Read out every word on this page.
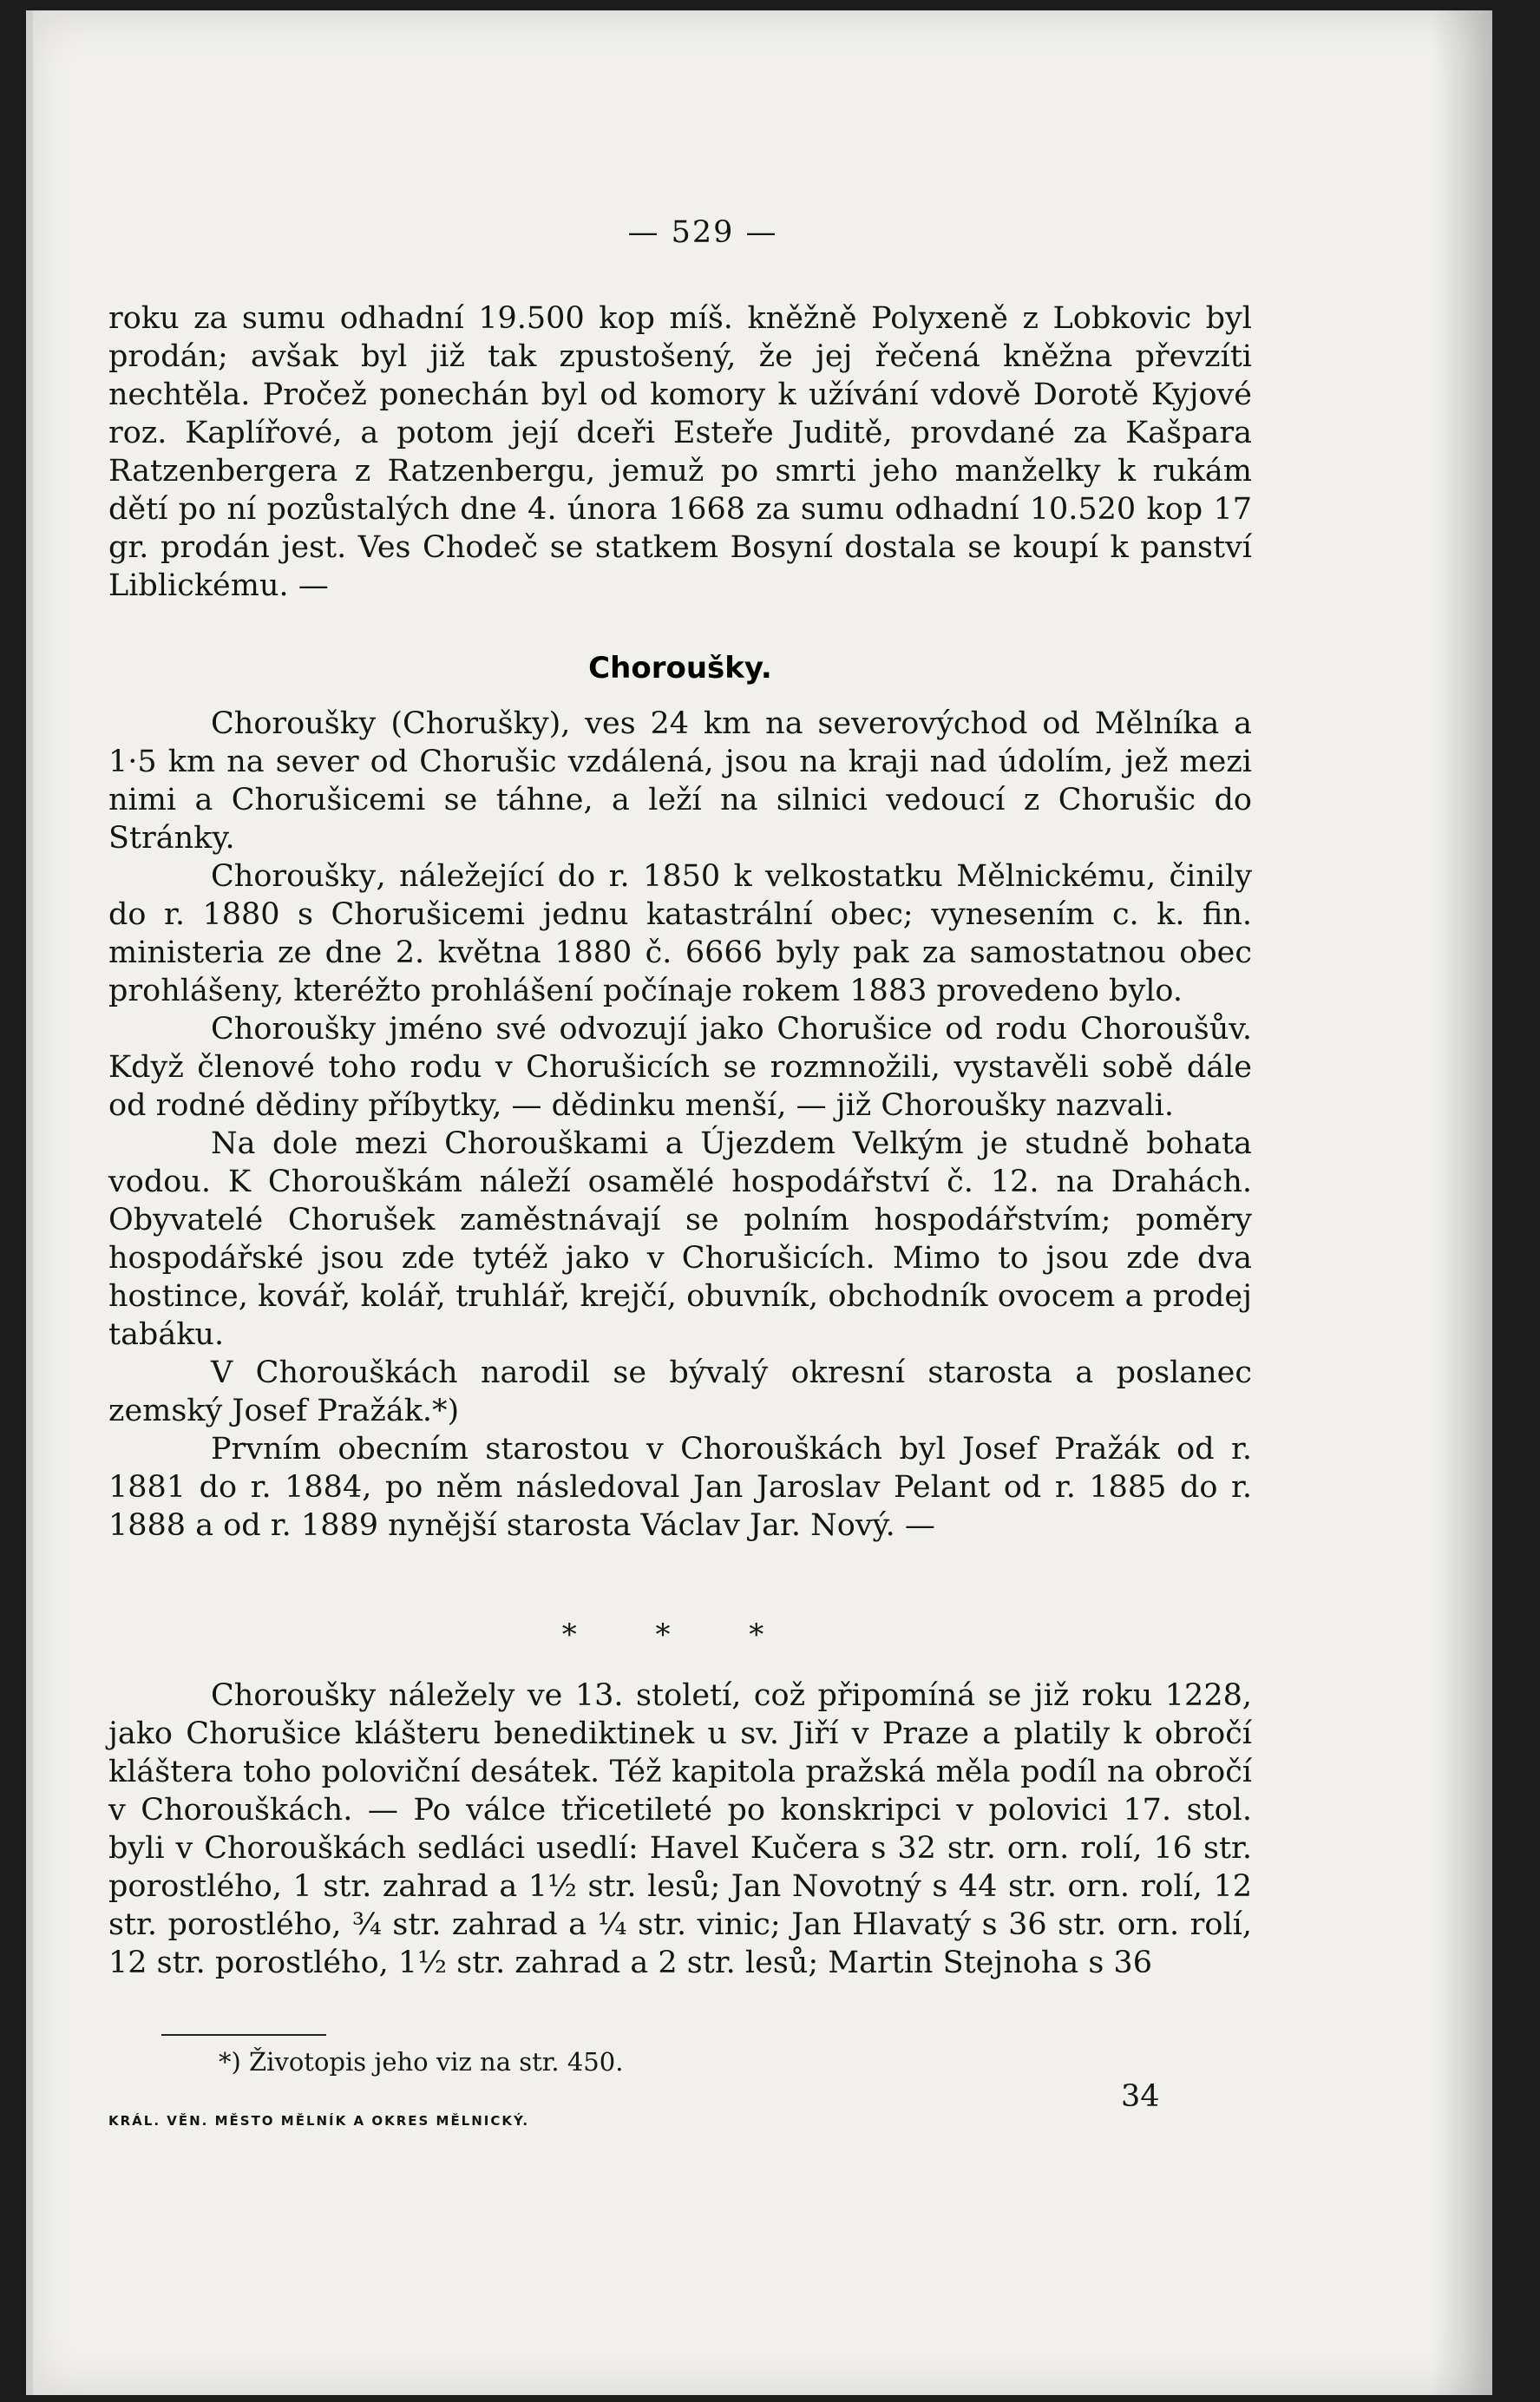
— 529 —

roku za sumu odhadní 19.500 kop míš. kněžně Polyxeně z Lobkovic byl prodán; avšak byl již tak zpustošený, že jej řečená kněžna převzíti nechtěla. Pročež ponechán byl od komory k užívání vdově Dorotě Kyjové roz. Kaplířové, a potom její dceři Esteře Juditě, provdané za Kašpara Ratzenbergera z Ratzenbergu, jemuž po smrti jeho manželky k rukám dětí po ní pozůstalých dne 4. února 1668 za sumu odhadní 10.520 kop 17 gr. prodán jest. Ves Chodeč se statkem Bosyní dostala se koupí k panství Liblickému. —

Choroušky.

Chorouškу (Chorušky), ves 24 km na severovýchod od Mělníka a 1·5 km na sever od Chorušic vzdálená, jsou na kraji nad údolím, jež mezi nimi a Chorušicemi se táhne, a leží na silnici vedoucí z Chorušic do Stránky.

Chorouškу, náležející do r. 1850 k velkostatku Mělnickému, činily do r. 1880 s Chorušicemi jednu katastrální obec; vynesením c. k. fin. ministeria ze dne 2. května 1880 č. 6666 byly pak za samostatnou obec prohlášeny, kteréžto prohlášení počínaje rokem 1883 provedeno bylo.

Chorouškу jméno své odvozují jako Chorušice od rodu Choroušův. Když členové toho rodu v Chorušicích se rozmnožili, vystavěli sobě dále od rodné dědiny příbytky, — dědinku menší, — již Chorouškу nazvali.

Na dole mezi Chorouškami a Újezdem Velkým je studně bohata vodou. K Chorouškám náleží osamělé hospodářství č. 12. na Drahách. Obyvatelé Chorušek zaměstnávají se polním hospodářstvím; poměry hospodářské jsou zde tytéž jako v Chorušicích. Mimo to jsou zde dva hostince, kovář, kolář, truhlář, krejčí, obuvník, obchodník ovocem a prodej tabáku.

V Chorouškách narodil se bývalý okresní starosta a poslanec zemský Josef Pražák.*)

Prvním obecním starostou v Chorouškách byl Josef Pražák od r. 1881 do r. 1884, po něm následoval Jan Jaroslav Pelant od r. 1885 do r. 1888 a od r. 1889 nynější starosta Václav Jar. Nový. —

* * *

Chorouškу náležely ve 13. století, což připomíná se již roku 1228, jako Chorušice klášteru benediktinek u sv. Jiří v Praze a platily k obročí kláštera toho poloviční desátek. Též kapitola pražská měla podíl na obročí v Chorouškách. — Po válce třicetileté po konskripci v polovici 17. stol. byli v Chorouškách sedláci usedlí: Havel Kučera s 32 str. orn. rolí, 16 str. porostlého, 1 str. zahrad a 1½ str. lesů; Jan Novotný s 44 str. orn. rolí, 12 str. porostlého, ¾ str. zahrad a ¼ str. vinic; Jan Hlavatý s 36 str. orn. rolí, 12 str. porostlého, 1½ str. zahrad a 2 str. lesů; Martin Stejnoha s 36

*) Životopis jeho viz na str. 450.
KRÁL. VĚN. MĚSTO MĚLNÍK A OKRES MĚLNICKÝ.
34
